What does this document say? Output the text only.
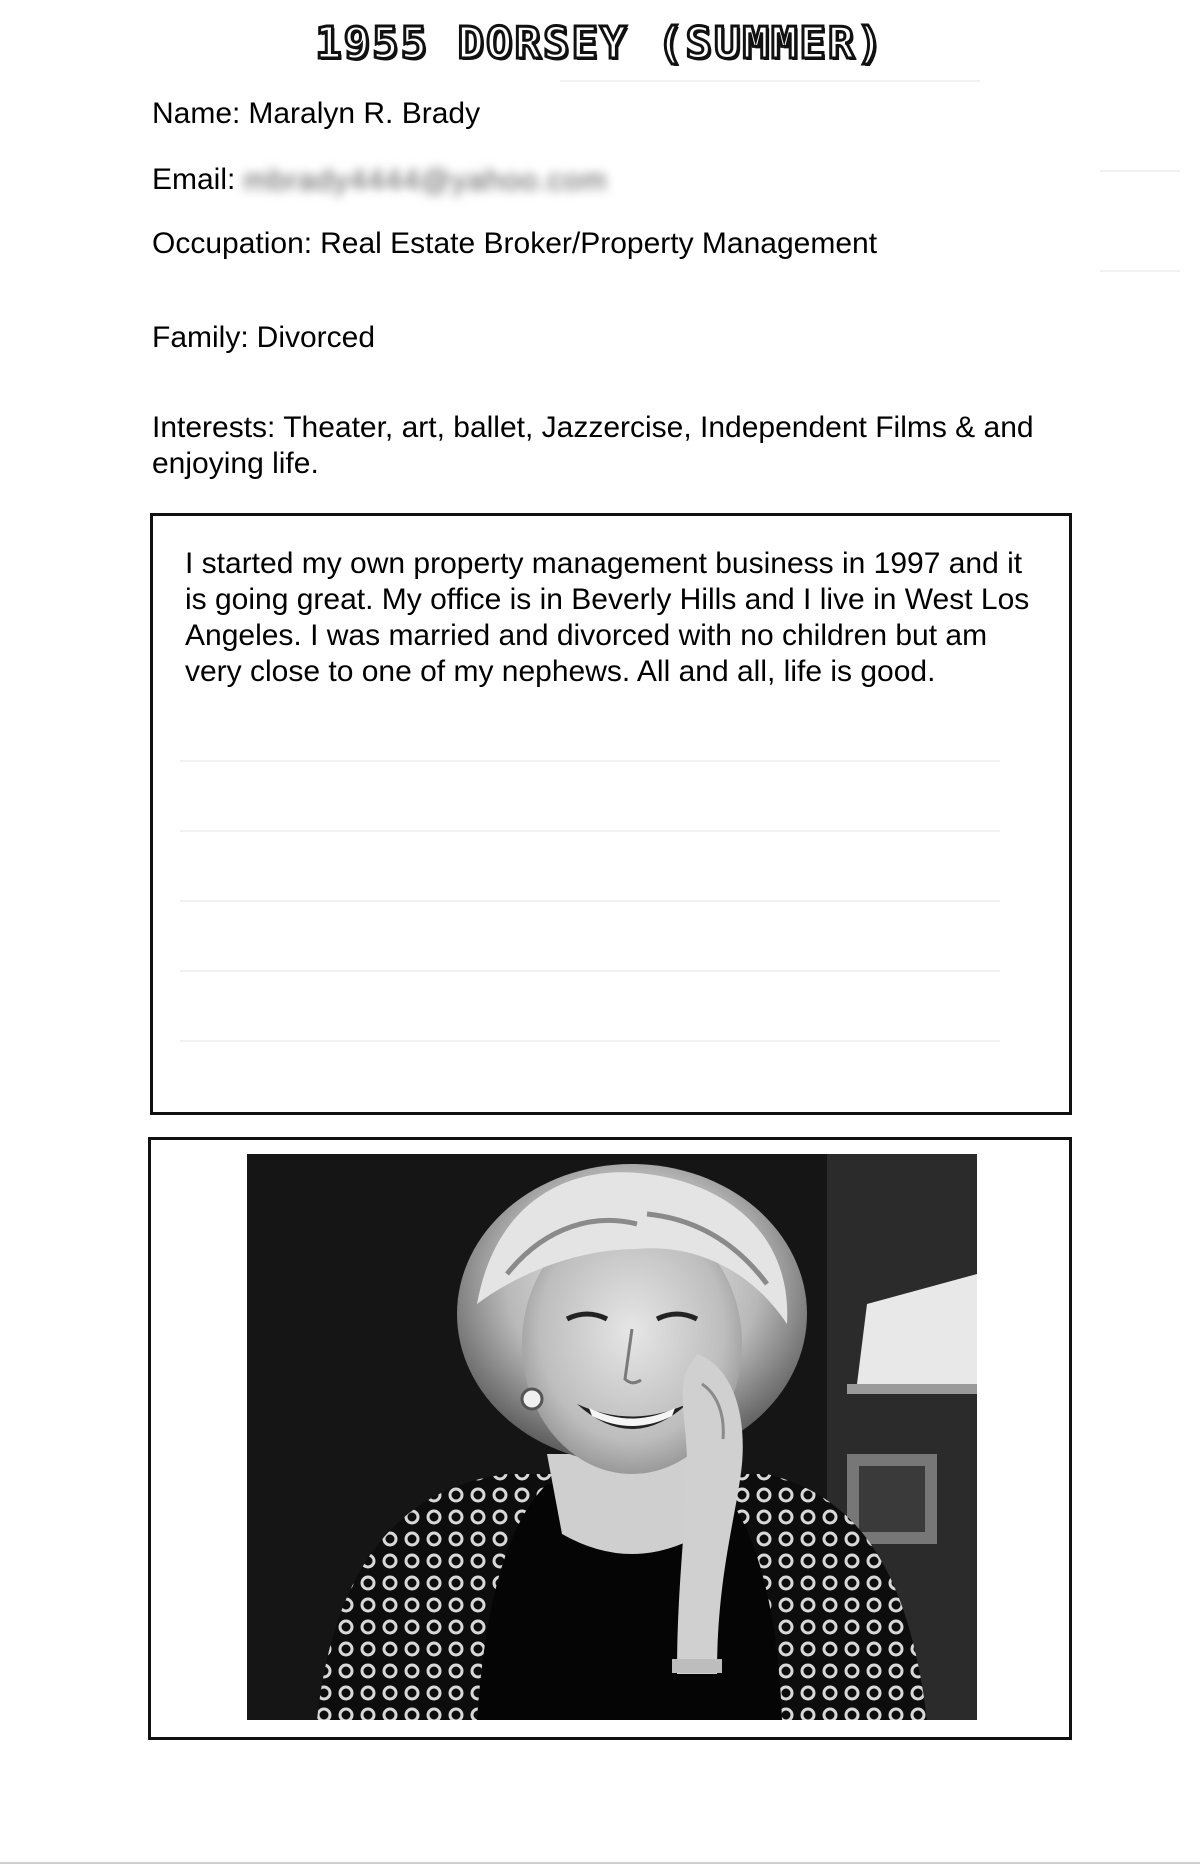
1955 DORSEY (SUMMER)
Name: Maralyn R. Brady
Email: mbrady4444@yahoo.com
Occupation: Real Estate Broker/Property Management
Family: Divorced
Interests: Theater, art, ballet, Jazzercise, Independent Films & and enjoying life.
I started my own property management business in 1997 and it is going great. My office is in Beverly Hills and I live in West Los Angeles. I was married and divorced with no children but am very close to one of my nephews. All and all, life is good.
